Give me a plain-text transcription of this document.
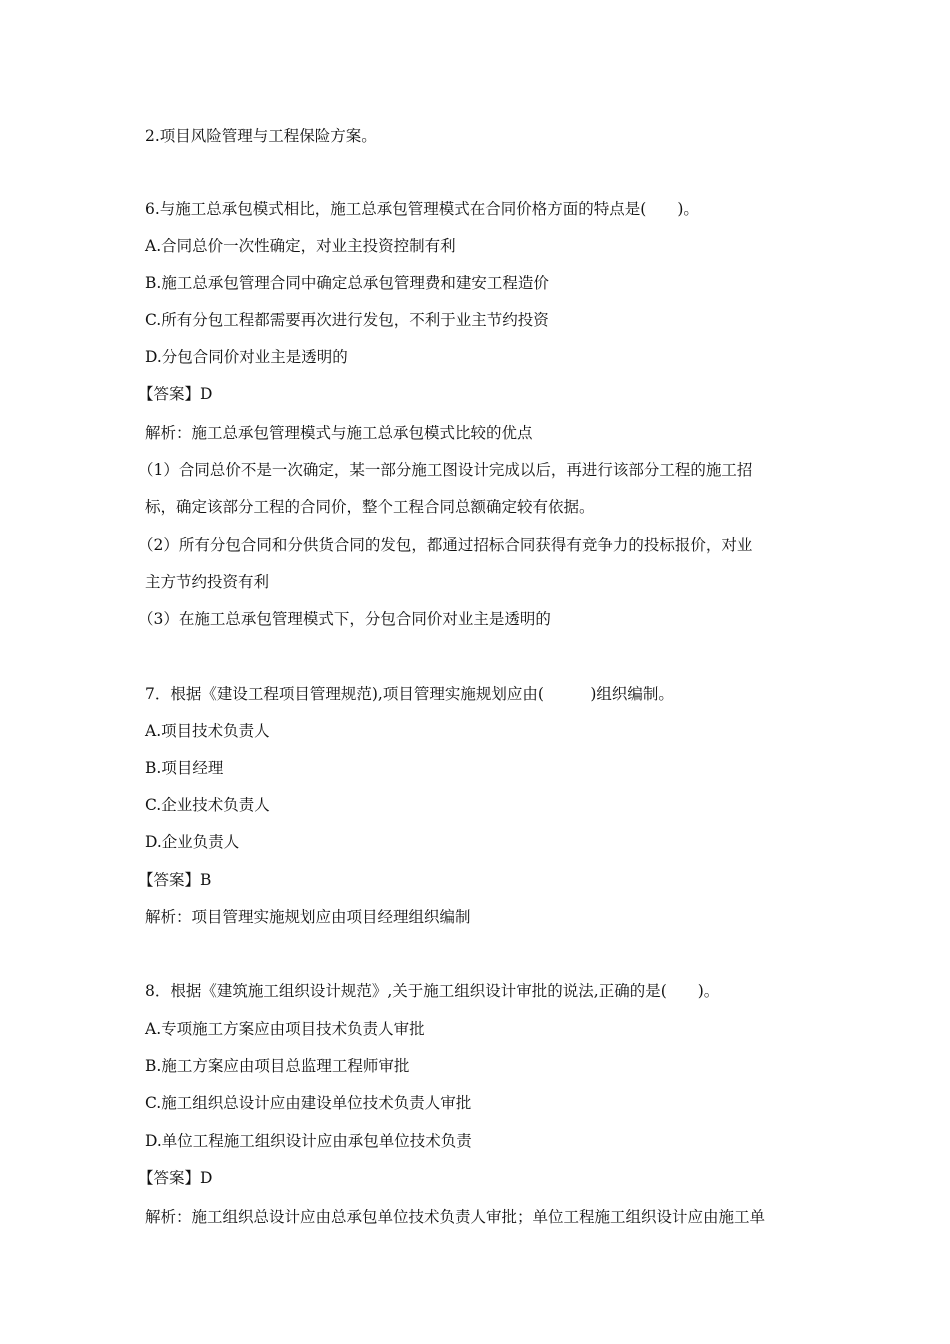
2.项目风险管理与工程保险方案。
6.与施工总承包模式相比，施工总承包管理模式在合同价格方面的特点是(　　)。
A.合同总价一次性确定，对业主投资控制有利
B.施工总承包管理合同中确定总承包管理费和建安工程造价
C.所有分包工程都需要再次进行发包，不利于业主节约投资
D.分包合同价对业主是透明的
【答案】D
解析：施工总承包管理模式与施工总承包模式比较的优点
（1）合同总价不是一次确定，某一部分施工图设计完成以后，再进行该部分工程的施工招
标，确定该部分工程的合同价，整个工程合同总额确定较有依据。
（2）所有分包合同和分供货合同的发包，都通过招标合同获得有竞争力的投标报价，对业
主方节约投资有利
（3）在施工总承包管理模式下，分包合同价对业主是透明的
7．根据《建设工程项目管理规范),项目管理实施规划应由(　　　)组织编制。
A.项目技术负责人
B.项目经理
C.企业技术负责人
D.企业负责人
【答案】B
解析：项目管理实施规划应由项目经理组织编制
8．根据《建筑施工组织设计规范》,关于施工组织设计审批的说法,正确的是(　　)。
A.专项施工方案应由项目技术负责人审批
B.施工方案应由项目总监理工程师审批
C.施工组织总设计应由建设单位技术负责人审批
D.单位工程施工组织设计应由承包单位技术负责
【答案】D
解析：施工组织总设计应由总承包单位技术负责人审批；单位工程施工组织设计应由施工单
